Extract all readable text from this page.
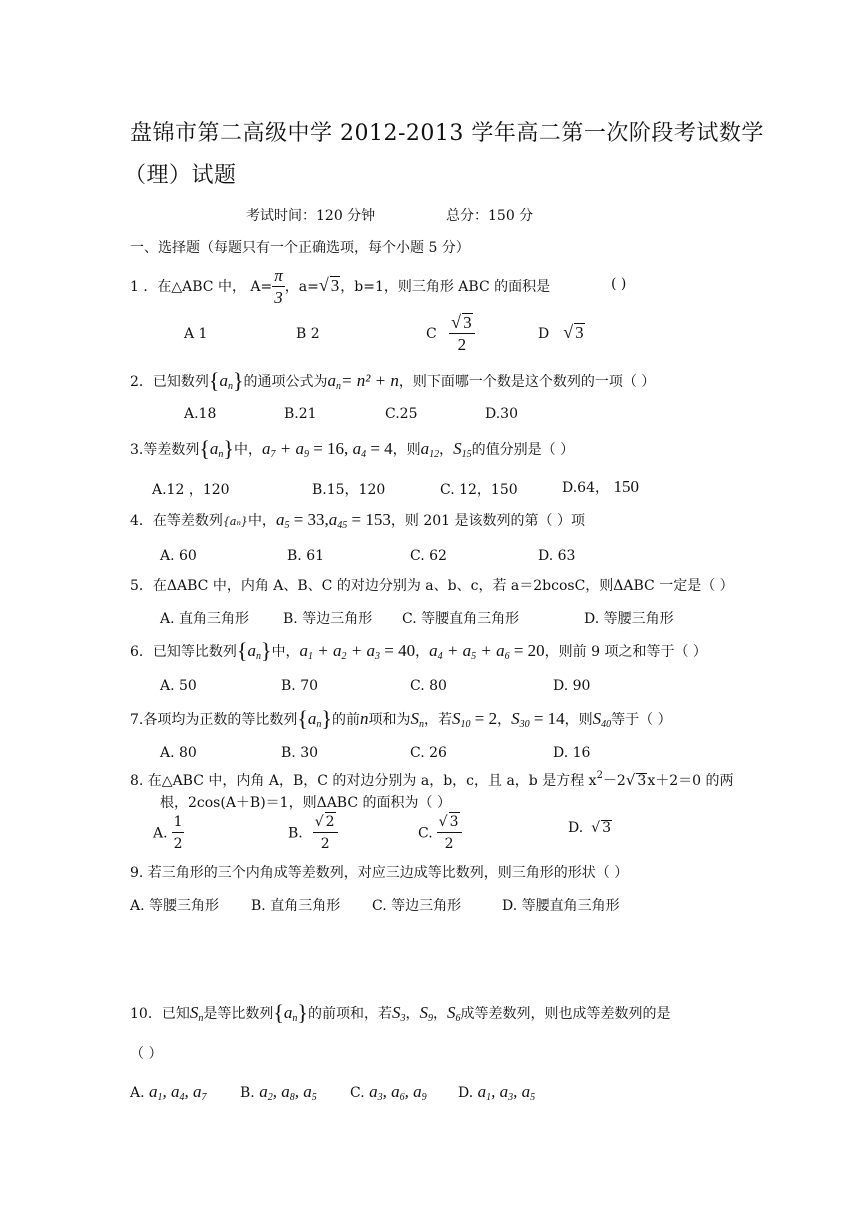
盘锦市第二高级中学 2012-2013 学年高二第一次阶段考试数学
（理）试题
考试时间：120 分钟	总分：150 分
一、选择题（每题只有一个正确选项，每个小题 5 分）
1 ．在△ABC 中， $A= \frac{\pi}{3}$ ，a=√ 3，b=1，则三角形 ABC 的面积是	( )
A 1	B 2	C $\frac{√ 3}{2}$	D √ 3
2．已知数列$\{a_n\}$的通项公式为$a_n= n^2 + n$，则下面哪一个数是这个数列的一项（ ）
A.18	B.21	C.25	D.30
3.等差数列$\{a_n\}$中，$a_7 + a_9 = 16$, $a_4 = 4$，则$a_{12}$，$S_{15}$的值分别是（ ）
A.12 ，120	B.15，120	C. 12，150	D.64， 150
4．在等差数列{aₙ}中，$a_5 = 33,a_{45} = 153$，则 201 是该数列的第（ ）项
A. 60	B. 61	C. 62	D. 63
5．在ΔABC 中，内角 A、B、C 的对边分别为 a、b、c，若 a＝2bcosC，则ΔABC 一定是（ ）
A. 直角三角形 B. 等边三角形 C. 等腰直角三角形	D. 等腰三角形
6．已知等比数列$\{a_n\}$中，$a_1 + a_2 + a_3 = 40$，$a_4 + a_5 + a_6 = 20$，则前 9 项之和等于（ ）
A. 50	B. 70	C. 80	D. 90
7.各项均为正数的等比数列$\{a_n\}$的前n项和为$S_n$，若$S_{10} = 2$，$S_{30} = 14$，则$S_{40}$等于（ ）
A. 80	B. 30	C. 26	D. 16
8. 在△ABC 中，内角 A，B，C 的对边分别为 a，b，c，且 a，b 是方程 $x^2-2√$ 3x＋2＝0 的两
根，2cos(A＋B)＝1，则ΔABC 的面积为（ ）
A. $\frac{1}{2}$	B. $\frac{√ 2}{2}$	C. $\frac{√ 3}{2}$	D. √ 3
9. 若三角形的三个内角成等差数列，对应三边成等比数列，则三角形的形状（ ）
A. 等腰三角形 B. 直角三角形 C. 等边三角形	D. 等腰直角三角形
10．已知$S_n$是等比数列$\{a_n\}$的前项和，若$S_3$，$S_9$，$S_6$成等差数列，则也成等差数列的是
（ ）
A. $a_1$, $a_4$, $a_7$ B. $a_2$, $a_8$, $a_5$ C. $a_3$, $a_6$, $a_9$ D. $a_1$, $a_3$, $a_5$
